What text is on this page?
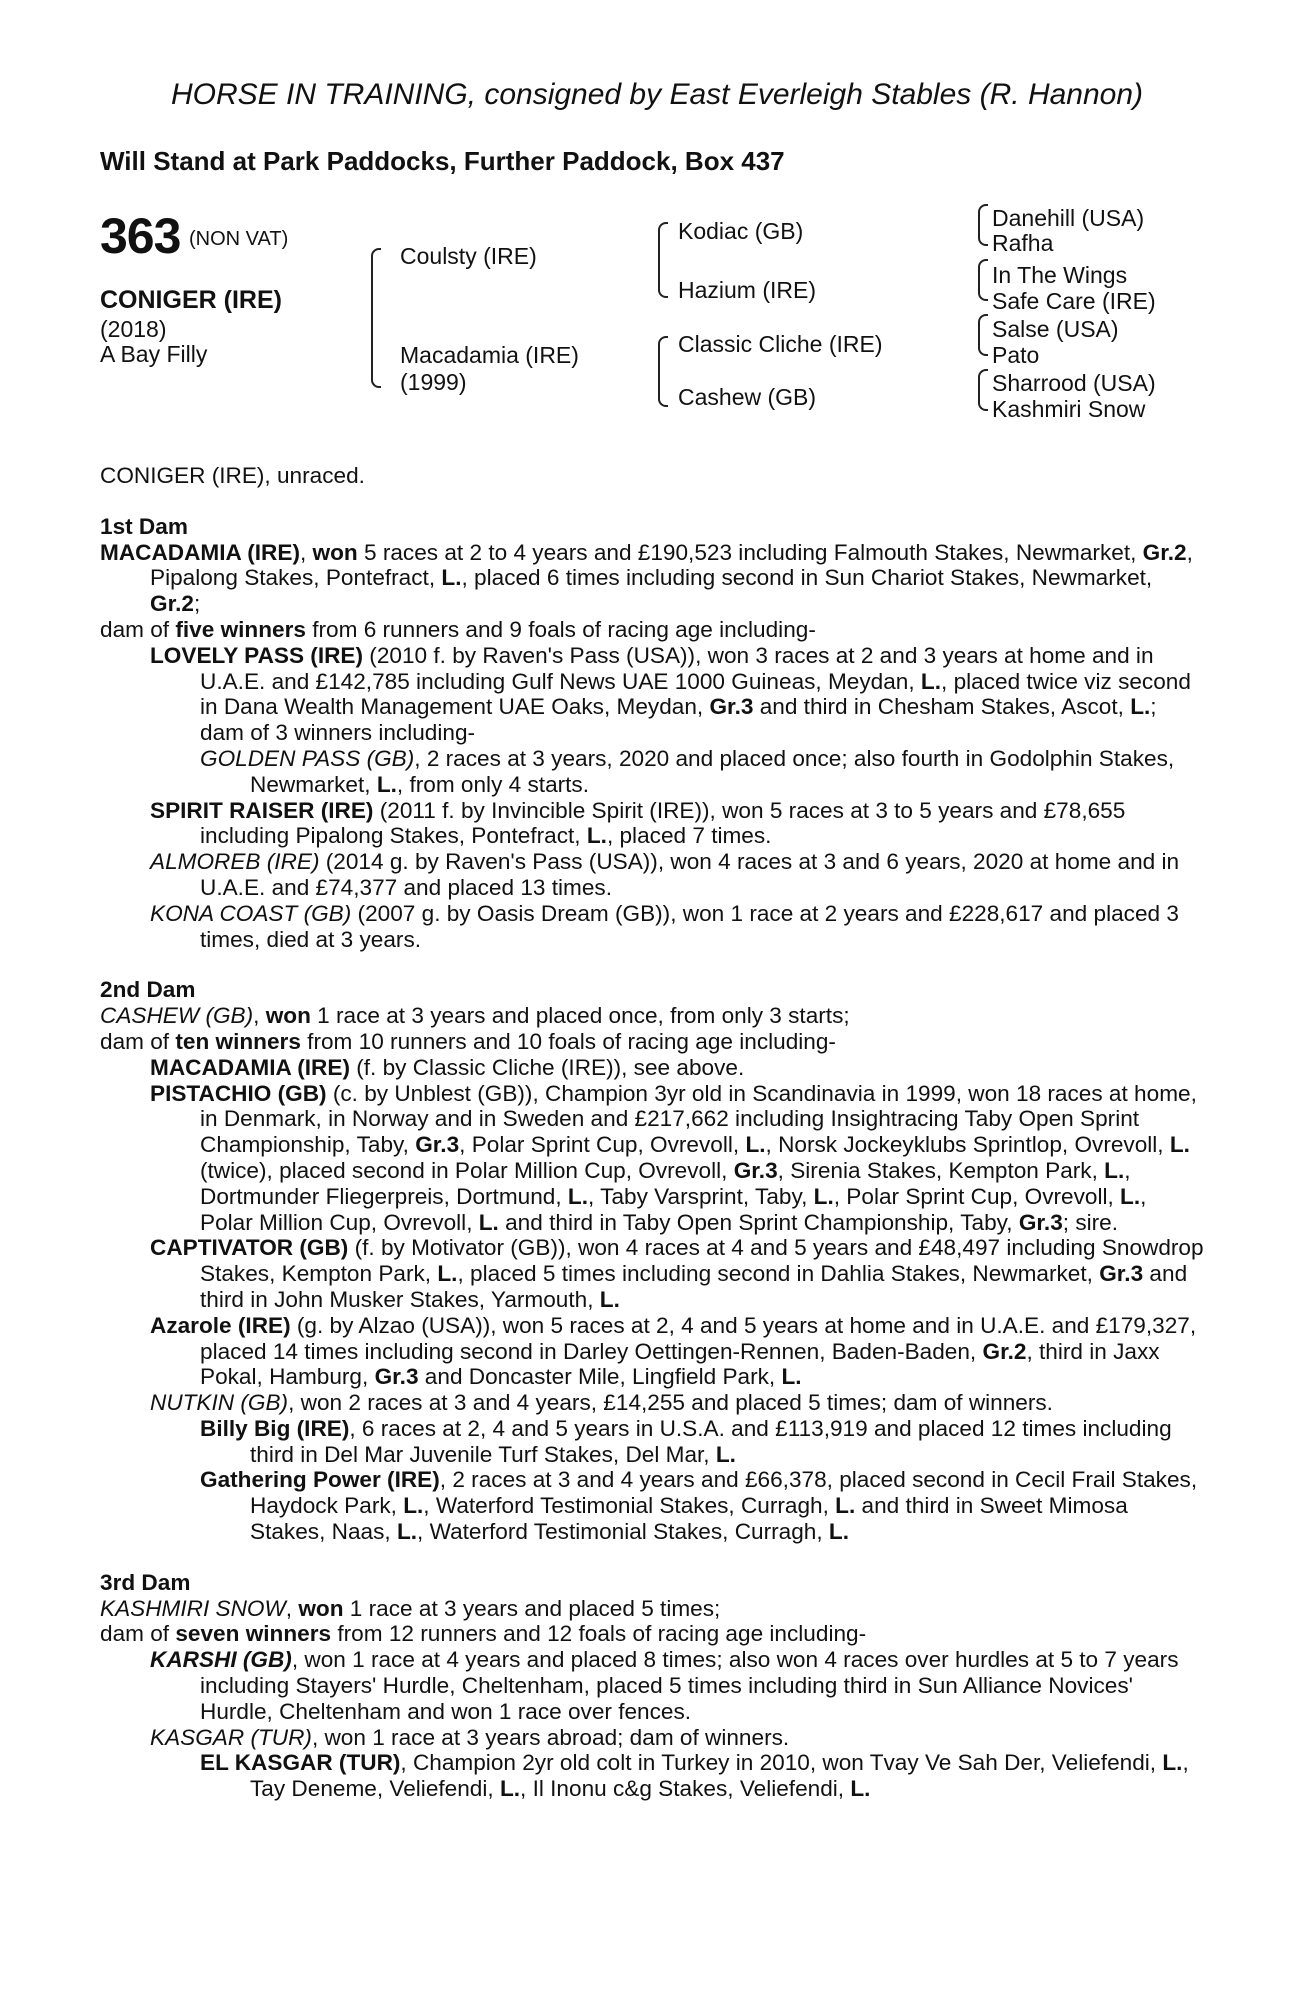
HORSE IN TRAINING, consigned by East Everleigh Stables (R. Hannon)
Will Stand at Park Paddocks, Further Paddock, Box 437
363 (NON VAT)
CONIGER (IRE)
(2018)
A Bay Filly
Coulsty (IRE)
Macadamia (IRE)
(1999)
Kodiac (GB)
Hazium (IRE)
Classic Cliche (IRE)
Cashew (GB)
Danehill (USA)
Rafha
In The Wings
Safe Care (IRE)
Salse (USA)
Pato
Sharrood (USA)
Kashmiri Snow

CONIGER (IRE), unraced.

1st Dam

MACADAMIA (IRE), won 5 races at 2 to 4 years and £190,523 including Falmouth Stakes, Newmarket, Gr.2, Pipalong Stakes, Pontefract, L., placed 6 times including second in Sun Chariot Stakes, Newmarket, Gr.2;

dam of five winners from 6 runners and 9 foals of racing age including-

LOVELY PASS (IRE) (2010 f. by Raven's Pass (USA)), won 3 races at 2 and 3 years at home and in U.A.E. and £142,785 including Gulf News UAE 1000 Guineas, Meydan, L., placed twice viz second in Dana Wealth Management UAE Oaks, Meydan, Gr.3 and third in Chesham Stakes, Ascot, L.; dam of 3 winners including-

GOLDEN PASS (GB), 2 races at 3 years, 2020 and placed once; also fourth in Godolphin Stakes, Newmarket, L., from only 4 starts.

SPIRIT RAISER (IRE) (2011 f. by Invincible Spirit (IRE)), won 5 races at 3 to 5 years and £78,655 including Pipalong Stakes, Pontefract, L., placed 7 times.

ALMOREB (IRE) (2014 g. by Raven's Pass (USA)), won 4 races at 3 and 6 years, 2020 at home and in U.A.E. and £74,377 and placed 13 times.

KONA COAST (GB) (2007 g. by Oasis Dream (GB)), won 1 race at 2 years and £228,617 and placed 3 times, died at 3 years.

2nd Dam

CASHEW (GB), won 1 race at 3 years and placed once, from only 3 starts;

dam of ten winners from 10 runners and 10 foals of racing age including-

MACADAMIA (IRE) (f. by Classic Cliche (IRE)), see above.

PISTACHIO (GB) (c. by Unblest (GB)), Champion 3yr old in Scandinavia in 1999, won 18 races at home, in Denmark, in Norway and in Sweden and £217,662 including Insightracing Taby Open Sprint Championship, Taby, Gr.3, Polar Sprint Cup, Ovrevoll, L., Norsk Jockeyklubs Sprintlop, Ovrevoll, L. (twice), placed second in Polar Million Cup, Ovrevoll, Gr.3, Sirenia Stakes, Kempton Park, L., Dortmunder Fliegerpreis, Dortmund, L., Taby Varsprint, Taby, L., Polar Sprint Cup, Ovrevoll, L., Polar Million Cup, Ovrevoll, L. and third in Taby Open Sprint Championship, Taby, Gr.3; sire.

CAPTIVATOR (GB) (f. by Motivator (GB)), won 4 races at 4 and 5 years and £48,497 including Snowdrop Stakes, Kempton Park, L., placed 5 times including second in Dahlia Stakes, Newmarket, Gr.3 and third in John Musker Stakes, Yarmouth, L.

Azarole (IRE) (g. by Alzao (USA)), won 5 races at 2, 4 and 5 years at home and in U.A.E. and £179,327, placed 14 times including second in Darley Oettingen-Rennen, Baden-Baden, Gr.2, third in Jaxx Pokal, Hamburg, Gr.3 and Doncaster Mile, Lingfield Park, L.

NUTKIN (GB), won 2 races at 3 and 4 years, £14,255 and placed 5 times; dam of winners.

Billy Big (IRE), 6 races at 2, 4 and 5 years in U.S.A. and £113,919 and placed 12 times including third in Del Mar Juvenile Turf Stakes, Del Mar, L.

Gathering Power (IRE), 2 races at 3 and 4 years and £66,378, placed second in Cecil Frail Stakes, Haydock Park, L., Waterford Testimonial Stakes, Curragh, L. and third in Sweet Mimosa Stakes, Naas, L., Waterford Testimonial Stakes, Curragh, L.

3rd Dam

KASHMIRI SNOW, won 1 race at 3 years and placed 5 times;

dam of seven winners from 12 runners and 12 foals of racing age including-

KARSHI (GB), won 1 race at 4 years and placed 8 times; also won 4 races over hurdles at 5 to 7 years including Stayers' Hurdle, Cheltenham, placed 5 times including third in Sun Alliance Novices' Hurdle, Cheltenham and won 1 race over fences.

KASGAR (TUR), won 1 race at 3 years abroad; dam of winners.

EL KASGAR (TUR), Champion 2yr old colt in Turkey in 2010, won Tvay Ve Sah Der, Veliefendi, L., Tay Deneme, Veliefendi, L., Il Inonu c&g Stakes, Veliefendi, L.
